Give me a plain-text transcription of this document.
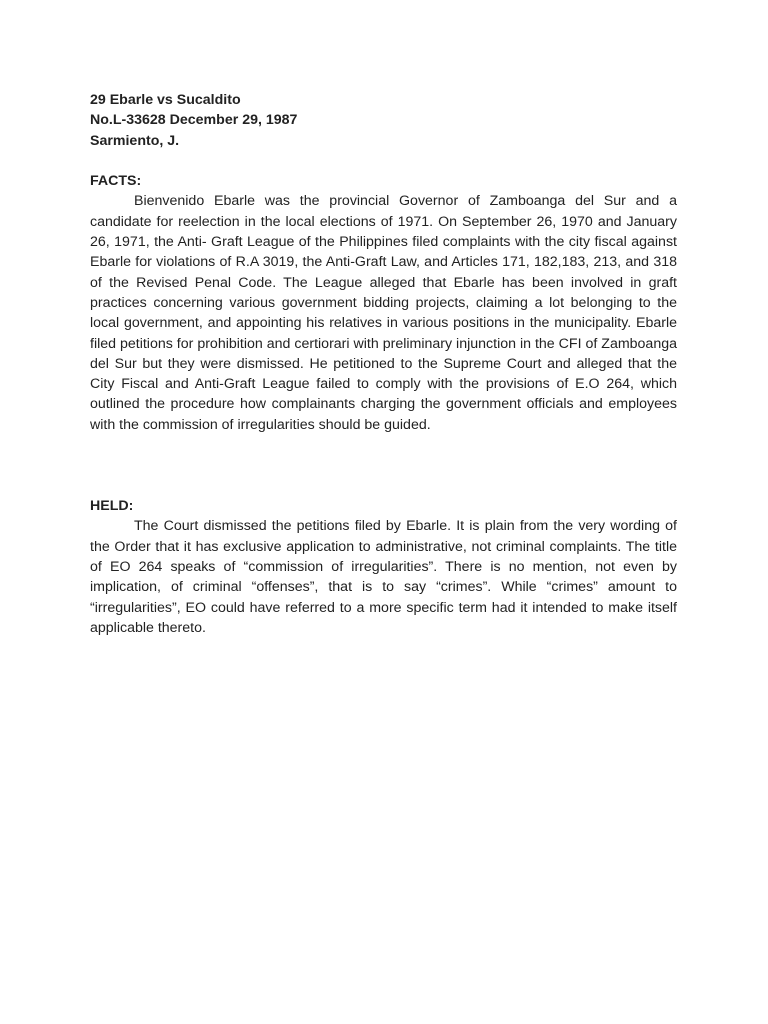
29 Ebarle vs Sucaldito

No.L-33628 December 29, 1987

Sarmiento, J.

FACTS:

Bienvenido Ebarle was the provincial Governor of Zamboanga del Sur and a candidate for reelection in the local elections of 1971. On September 26, 1970 and January 26, 1971, the Anti- Graft League of the Philippines filed complaints with the city fiscal against Ebarle for violations of R.A 3019, the Anti-Graft Law, and Articles 171, 182,183, 213, and 318 of the Revised Penal Code. The League alleged that Ebarle has been involved in graft practices concerning various government bidding projects, claiming a lot belonging to the local government, and appointing his relatives in various positions in the municipality. Ebarle filed petitions for prohibition and certiorari with preliminary injunction in the CFI of Zamboanga del Sur but they were dismissed. He petitioned to the Supreme Court and alleged that the City Fiscal and Anti-Graft League failed to comply with the provisions of E.O 264, which outlined the procedure how complainants charging the government officials and employees with the commission of irregularities should be guided.

HELD:

The Court dismissed the petitions filed by Ebarle. It is plain from the very wording of the Order that it has exclusive application to administrative, not criminal complaints. The title of EO 264 speaks of “commission of irregularities”. There is no mention, not even by implication, of criminal “offenses”, that is to say “crimes”. While “crimes” amount to “irregularities”, EO could have referred to a more specific term had it intended to make itself applicable thereto.
